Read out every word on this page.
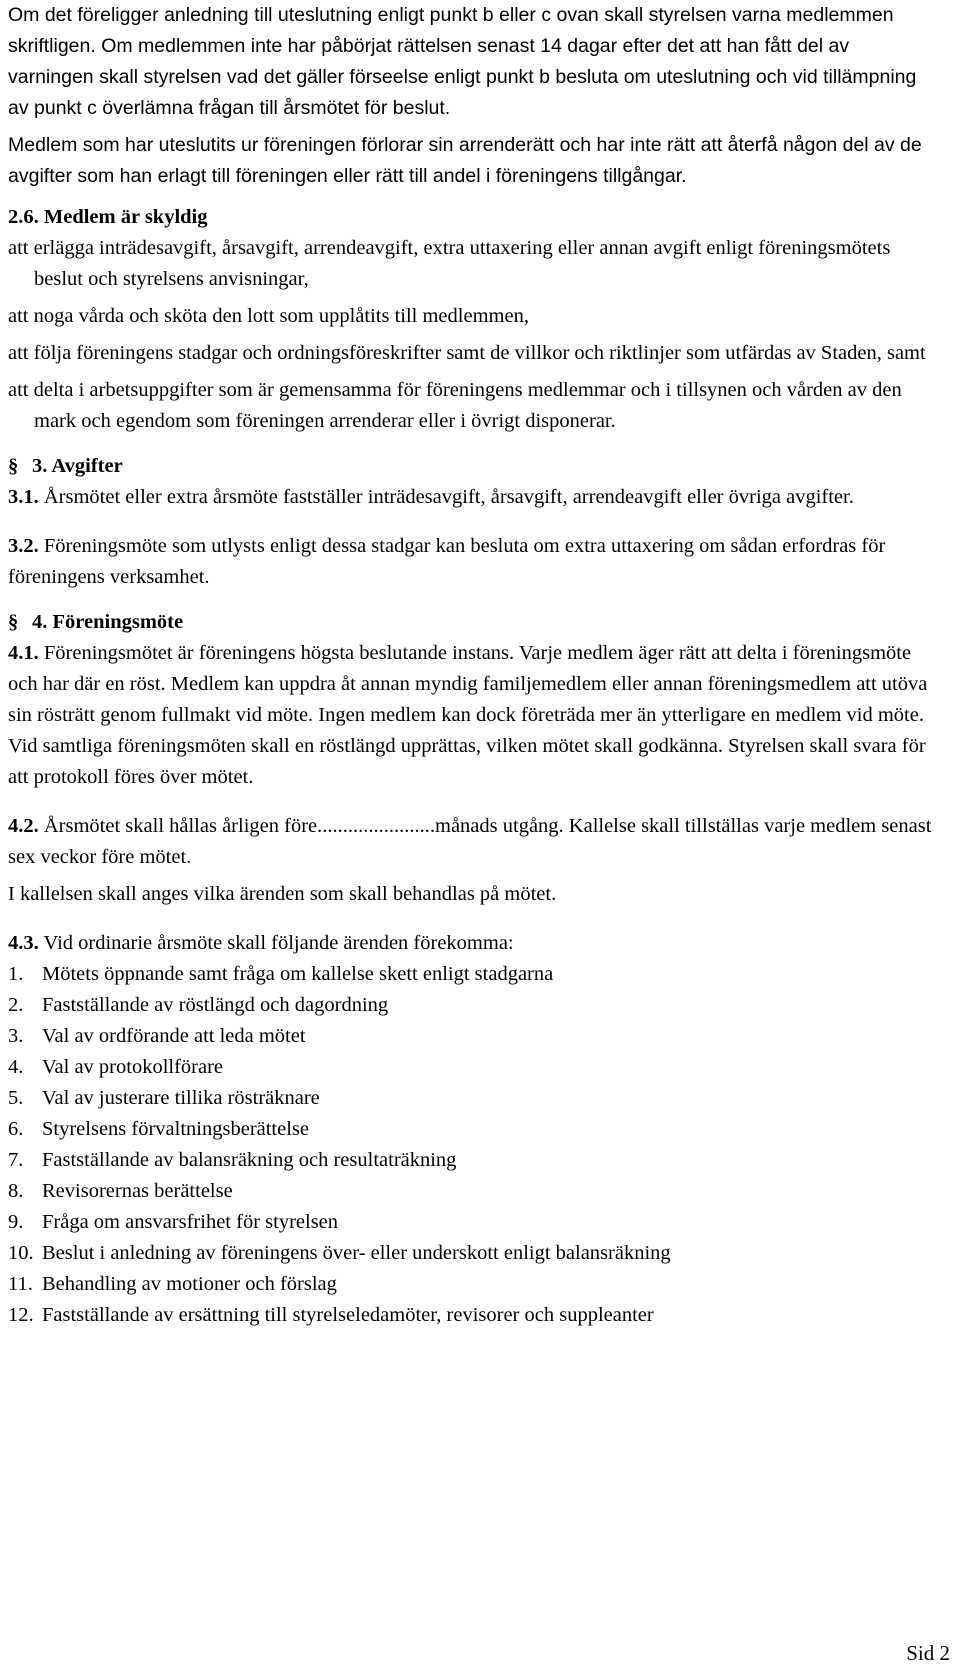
Om det föreligger anledning till uteslutning enligt punkt b eller c ovan skall styrelsen varna medlemmen skriftligen. Om medlemmen inte har påbörjat rättelsen senast 14 dagar efter det att han fått del av varningen skall styrelsen vad det gäller förseelse enligt punkt b besluta om uteslutning och vid tillämpning av punkt c överlämna frågan till årsmötet för beslut.

Medlem som har uteslutits ur föreningen förlorar sin arrenderätt och har inte rätt att återfå någon del av de avgifter som han erlagt till föreningen eller rätt till andel i föreningens tillgångar.

2.6. Medlem är skyldig

att erlägga inträdesavgift, årsavgift, arrendeavgift, extra uttaxering eller annan avgift enligt föreningsmötets beslut och styrelsens anvisningar,

att noga vårda och sköta den lott som upplåtits till medlemmen,

att följa föreningens stadgar och ordningsföreskrifter samt de villkor och riktlinjer som utfärdas av Staden, samt

att delta i arbetsuppgifter som är gemensamma för föreningens medlemmar och i tillsynen och vården av den mark och egendom som föreningen arrenderar eller i övrigt disponerar.

§ 3. Avgifter

3.1. Årsmötet eller extra årsmöte fastställer inträdesavgift, årsavgift, arrendeavgift eller övriga avgifter.

3.2. Föreningsmöte som utlysts enligt dessa stadgar kan besluta om extra uttaxering om sådan erfordras för föreningens verksamhet.

§ 4. Föreningsmöte

4.1. Föreningsmötet är föreningens högsta beslutande instans. Varje medlem äger rätt att delta i föreningsmöte och har där en röst. Medlem kan uppdra åt annan myndig familjemedlem eller annan föreningsmedlem att utöva sin rösträtt genom fullmakt vid möte. Ingen medlem kan dock företräda mer än ytterligare en medlem vid möte. Vid samtliga föreningsmöten skall en röstlängd upprättas, vilken mötet skall godkänna. Styrelsen skall svara för att protokoll föres över mötet.

4.2. Årsmötet skall hållas årligen före.......................månads utgång. Kallelse skall tillställas varje medlem senast sex veckor före mötet.

I kallelsen skall anges vilka ärenden som skall behandlas på mötet.

4.3. Vid ordinarie årsmöte skall följande ärenden förekomma:

1. Mötets öppnande samt fråga om kallelse skett enligt stadgarna
2. Fastställande av röstlängd och dagordning
3. Val av ordförande att leda mötet
4. Val av protokollförare
5. Val av justerare tillika rösträknare
6. Styrelsens förvaltningsberättelse
7. Fastställande av balansräkning och resultaträkning
8. Revisorernas berättelse
9. Fråga om ansvarsfrihet för styrelsen
10. Beslut i anledning av föreningens över- eller underskott enligt balansräkning
11. Behandling av motioner och förslag
12. Fastställande av ersättning till styrelseledamöter, revisorer och suppleanter
Sid 2
